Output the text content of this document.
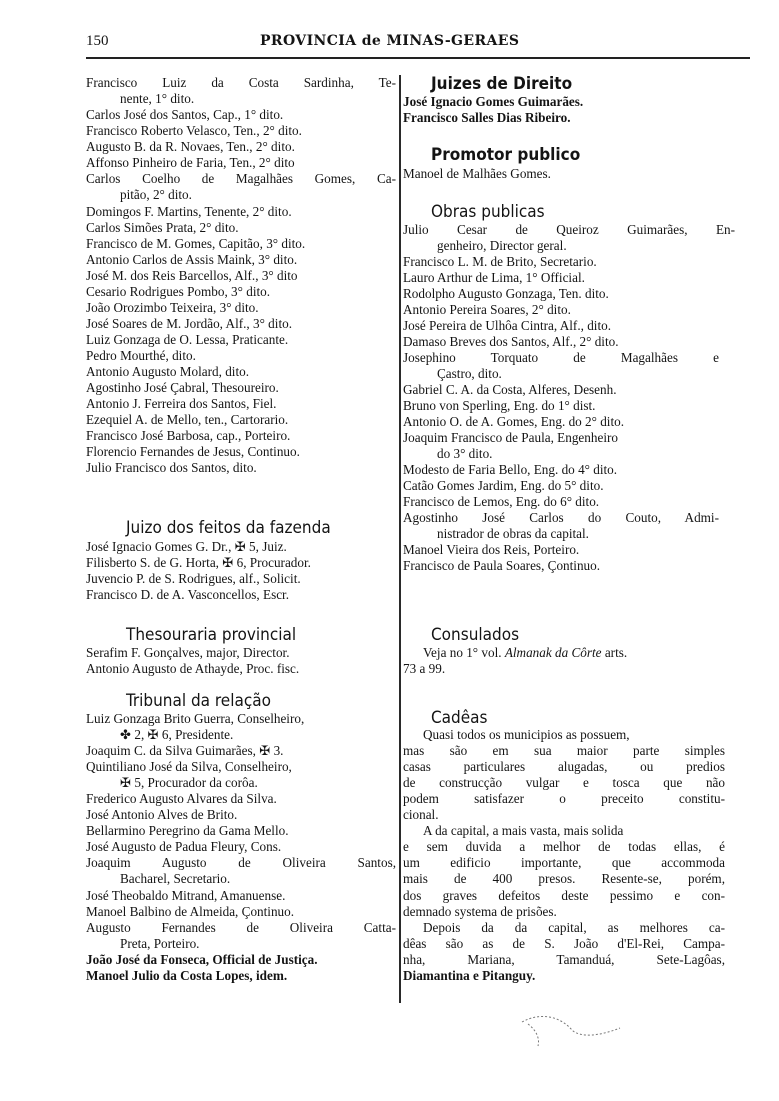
150	PROVINCIA de MINAS-GERAES
Francisco Luiz da Costa Sardinha, Te-
nente, 1° dito.
Carlos José dos Santos, Cap., 1° dito.
Francisco Roberto Velasco, Ten., 2° dito.
Augusto B. da R. Novaes, Ten., 2° dito.
Affonso Pinheiro de Faria, Ten., 2° dito
Carlos Coelho de Magalhães Gomes, Ca-
pitão, 2° dito.
Domingos F. Martins, Tenente, 2° dito.
Carlos Simões Prata, 2° dito.
Francisco de M. Gomes, Capitão, 3° dito.
Antonio Carlos de Assis Maink, 3° dito.
José M. dos Reis Barcellos, Alf., 3° dito
Cesario Rodrigues Pombo, 3° dito.
João Orozimbo Teixeira, 3° dito.
José Soares de M. Jordão, Alf., 3° dito.
Luiz Gonzaga de O. Lessa, Praticante.
Pedro Mourthé, dito.
Antonio Augusto Molard, dito.
Agostinho José Çabral, Thesoureiro.
Antonio J. Ferreira dos Santos, Fiel.
Ezequiel A. de Mello, ten., Cartorario.
Francisco José Barbosa, cap., Porteiro.
Florencio Fernandes de Jesus, Continuo.
Julio Francisco dos Santos, dito.
Juizo dos feitos da fazenda
José Ignacio Gomes G. Dr., ✠ 5, Juiz.
Filisberto S. de G. Horta, ✠ 6, Procurador.
Juvencio P. de S. Rodrigues, alf., Solicit.
Francisco D. de A. Vasconcellos, Escr.
Thesouraria provincial
Serafim F. Gonçalves, major, Director.
Antonio Augusto de Athayde, Proc. fisc.
Tribunal da relação
Luiz Gonzaga Brito Guerra, Conselheiro,
✤ 2, ✠ 6, Presidente.
Joaquim C. da Silva Guimarães, ✠ 3.
Quintiliano José da Silva, Conselheiro,
✠ 5, Procurador da corôa.
Frederico Augusto Alvares da Silva.
José Antonio Alves de Brito.
Bellarmino Peregrino da Gama Mello.
José Augusto de Padua Fleury, Cons.
Joaquim Augusto de Oliveira Santos,
Bacharel, Secretario.
José Theobaldo Mitrand, Amanuense.
Manoel Balbino de Almeida, Çontinuo.
Augusto Fernandes de Oliveira Catta-
Preta, Porteiro.
João José da Fonseca, Official de Justiça.
Manoel Julio da Costa Lopes, idem.
Juizes de Direito
José Ignacio Gomes Guimarães.
Francisco Salles Dias Ribeiro.
Promotor publico
Manoel de Malhães Gomes.
Obras publicas
Julio Cesar de Queiroz Guimarães, En-
genheiro, Director geral.
Francisco L. M. de Brito, Secretario.
Lauro Arthur de Lima, 1° Official.
Rodolpho Augusto Gonzaga, Ten. dito.
Antonio Pereira Soares, 2° dito.
José Pereira de Ulhôa Cintra, Alf., dito.
Damaso Breves dos Santos, Alf., 2° dito.
Josephino Torquato de Magalhães e
Çastro, dito.
Gabriel C. A. da Costa, Alferes, Desenh.
Bruno von Sperling, Eng. do 1° dist.
Antonio O. de A. Gomes, Eng. do 2° dito.
Joaquim Francisco de Paula, Engenheiro
do 3° dito.
Modesto de Faria Bello, Eng. do 4° dito.
Catão Gomes Jardim, Eng. do 5° dito.
Francisco de Lemos, Eng. do 6° dito.
Agostinho José Carlos do Couto, Admi-
nistrador de obras da capital.
Manoel Vieira dos Reis, Porteiro.
Francisco de Paula Soares, Çontinuo.
Consulados
Veja no 1° vol. Almanak da Côrte arts.
73 a 99.
Cadêas
Quasi todos os municipios as possuem,
mas são em sua maior parte simples
casas particulares alugadas, ou predios
de construcção vulgar e tosca que não
podem satisfazer o preceito constitu-
cional.
A da capital, a mais vasta, mais solida
e sem duvida a melhor de todas ellas, é
um edificio importante, que accommoda
mais de 400 presos. Resente-se, porém,
dos graves defeitos deste pessimo e con-
demnado systema de prisões.
Depois da da capital, as melhores ca-
dêas são as de S. João d'El-Rei, Campa-
nha, Mariana, Tamanduá, Sete-Lagôas,
Diamantina e Pitanguy.
